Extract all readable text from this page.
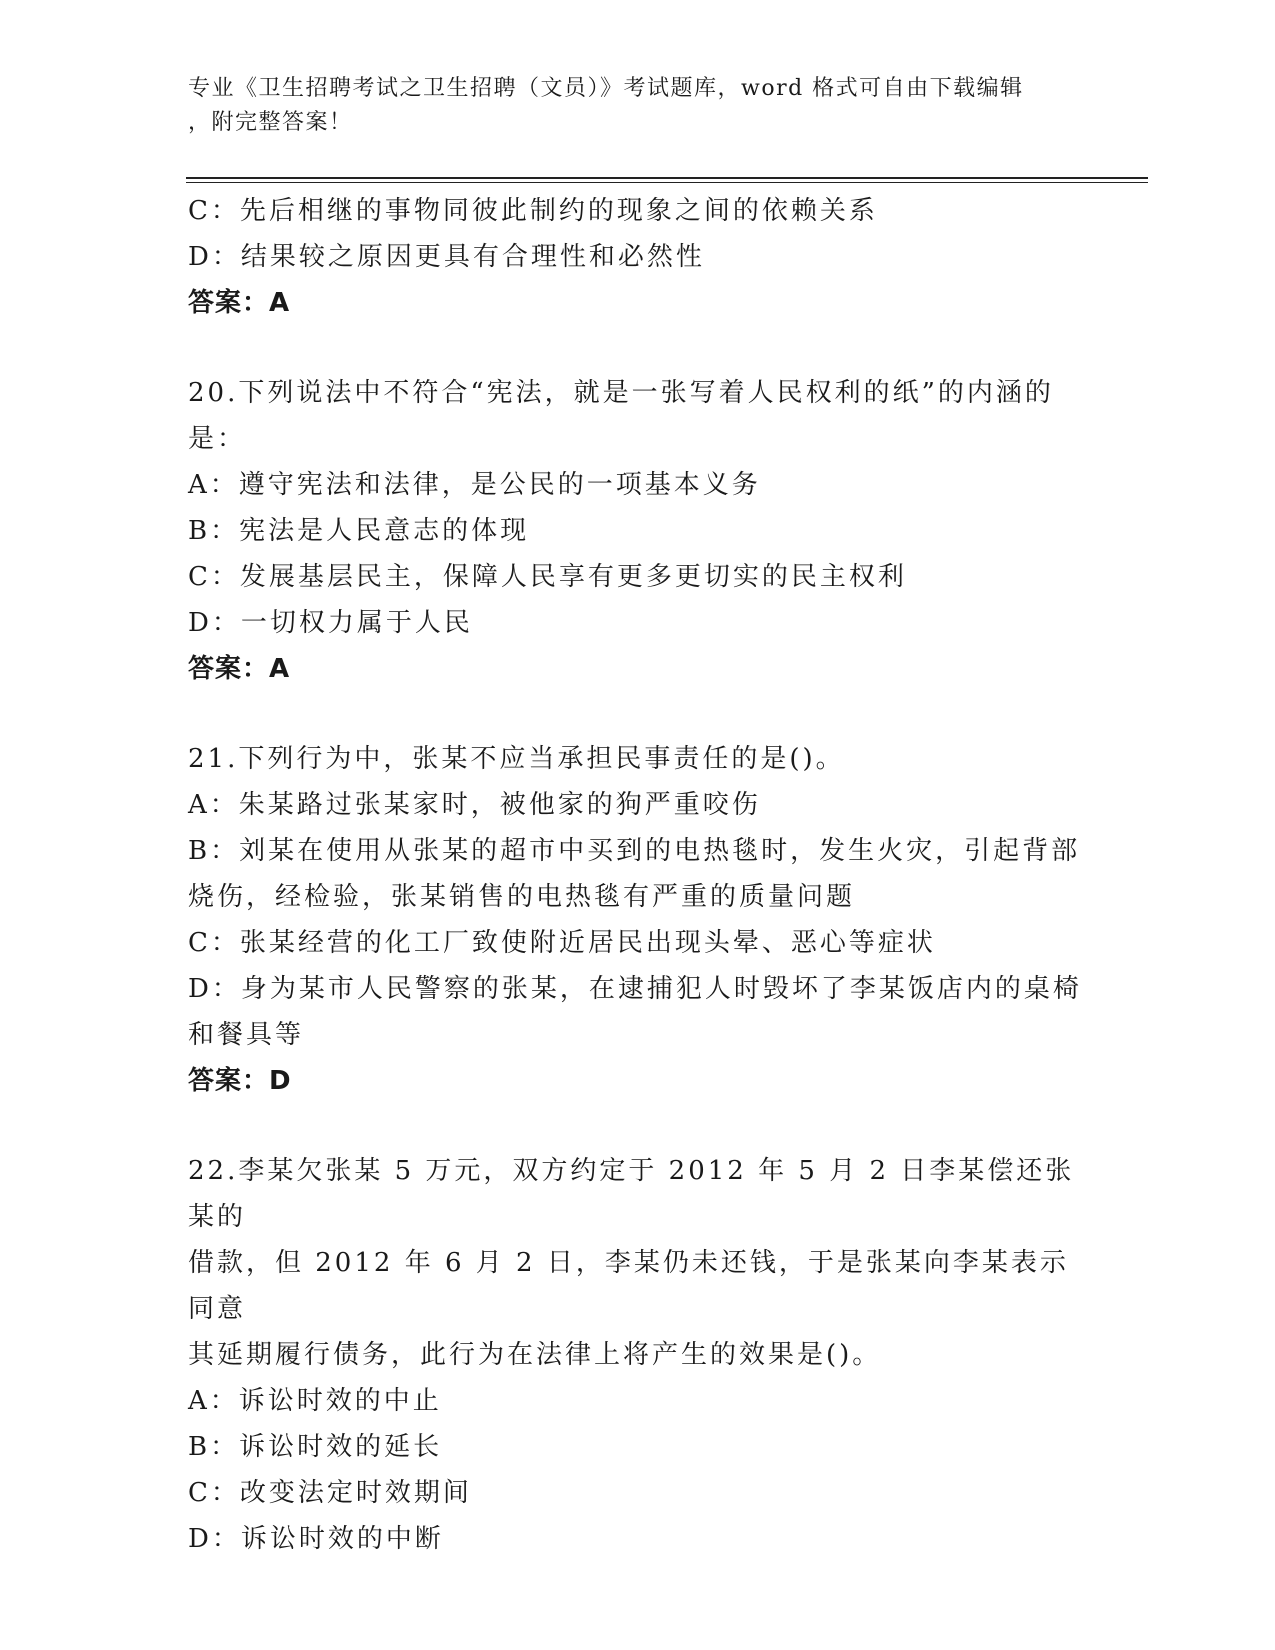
专业《卫生招聘考试之卫生招聘（文员）》考试题库，word 格式可自由下载编辑
，附完整答案！
C：先后相继的事物同彼此制约的现象之间的依赖关系
D：结果较之原因更具有合理性和必然性
答案：A
20.下列说法中不符合“宪法，就是一张写着人民权利的纸”的内涵的
是：
A：遵守宪法和法律，是公民的一项基本义务
B：宪法是人民意志的体现
C：发展基层民主，保障人民享有更多更切实的民主权利
D：一切权力属于人民
答案：A
21.下列行为中，张某不应当承担民事责任的是()。
A：朱某路过张某家时，被他家的狗严重咬伤
B：刘某在使用从张某的超市中买到的电热毯时，发生火灾，引起背部
烧伤，经检验，张某销售的电热毯有严重的质量问题
C：张某经营的化工厂致使附近居民出现头晕、恶心等症状
D：身为某市人民警察的张某，在逮捕犯人时毁坏了李某饭店内的桌椅
和餐具等
答案：D
22.李某欠张某 5 万元，双方约定于 2012 年 5 月 2 日李某偿还张某的
借款，但 2012 年 6 月 2 日，李某仍未还钱，于是张某向李某表示同意
其延期履行债务，此行为在法律上将产生的效果是()。
A：诉讼时效的中止
B：诉讼时效的延长
C：改变法定时效期间
D：诉讼时效的中断
